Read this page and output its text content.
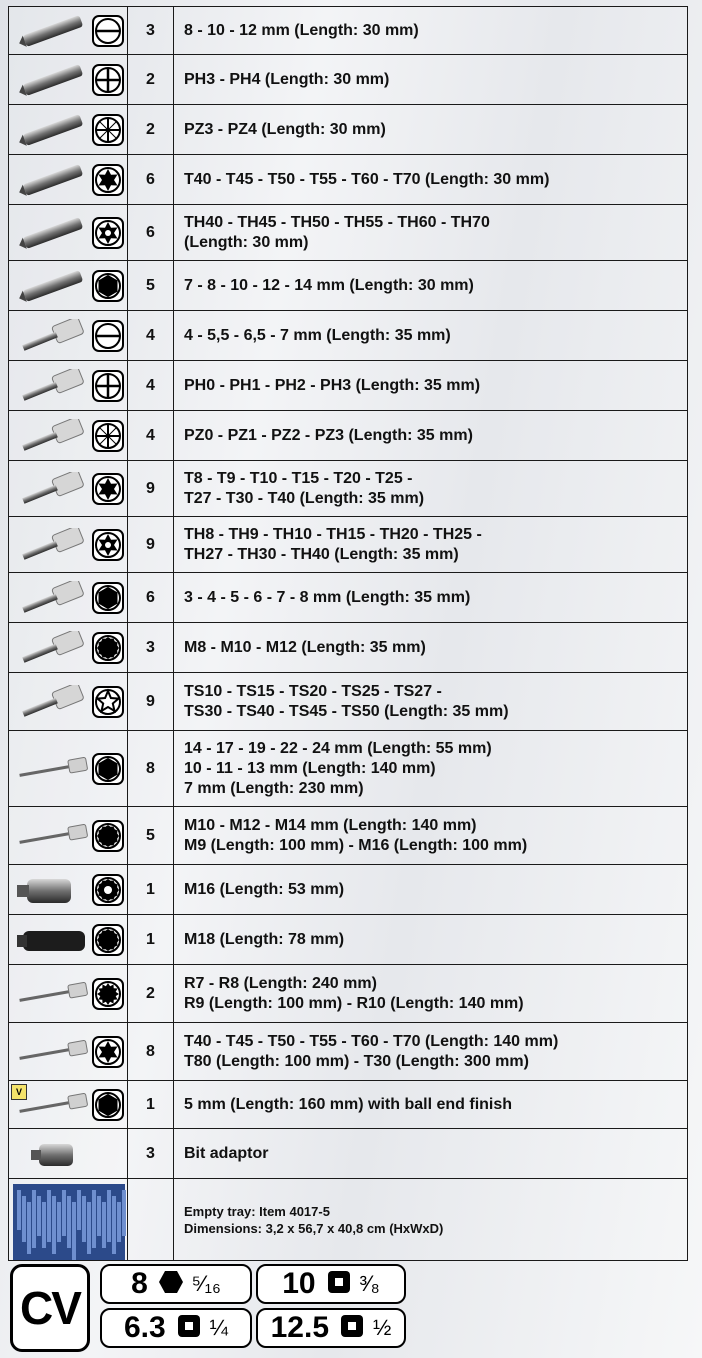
	3	8 - 10 - 12 mm (Length: 30 mm)

	2	PH3 - PH4 (Length: 30 mm)

	2	PZ3 - PZ4 (Length: 30 mm)

	6	T40 - T45 - T50 - T55 - T60 - T70 (Length: 30 mm)

	6	TH40 - TH45 - TH50 - TH55 - TH60 - TH70
(Length: 30 mm)

	5	7 - 8 - 10 - 12 - 14 mm (Length: 30 mm)

	4	4 - 5,5 - 6,5 - 7 mm (Length: 35 mm)

	4	PH0 - PH1 - PH2 - PH3 (Length: 35 mm)

	4	PZ0 - PZ1 - PZ2 - PZ3 (Length: 35 mm)

	9	T8 - T9 - T10 - T15 - T20 - T25 -
T27 - T30 - T40 (Length: 35 mm)

	9	TH8 - TH9 - TH10 - TH15 - TH20 - TH25 -
TH27 - TH30 - TH40 (Length: 35 mm)

	6	3 - 4 - 5 - 6 - 7 - 8 mm (Length: 35 mm)

	3	M8 - M10 - M12 (Length: 35 mm)

	9	TS10 - TS15 - TS20 - TS25 - TS27 -
TS30 - TS40 - TS45 - TS50 (Length: 35 mm)

	8	14 - 17 - 19 - 22 - 24 mm (Length: 55 mm)
10 - 11 - 13 mm (Length: 140 mm)
7 mm (Length: 230 mm)

	5	M10 - M12 - M14 mm (Length: 140 mm)
M9 (Length: 100 mm) - M16 (Length: 100 mm)

	1	M16 (Length: 53 mm)

	1	M18 (Length: 78 mm)

	2	R7 - R8 (Length: 240 mm)
R9 (Length: 100 mm) - R10 (Length: 140 mm)

	8	T40 - T45 - T50 - T55 - T60 - T70 (Length: 140 mm)
T80 (Length: 100 mm) - T30 (Length: 300 mm)

V	1	5 mm (Length: 160 mm) with ball end finish

	3	Bit adaptor

		Empty tray: Item 4017-5
Dimensions: 3,2 x 56,7 x 40,8 cm (HxWxD)
CV	8 ⁵⁄₁₆ 10 ³⁄₈
6.3 ¼ 12.5 ½
